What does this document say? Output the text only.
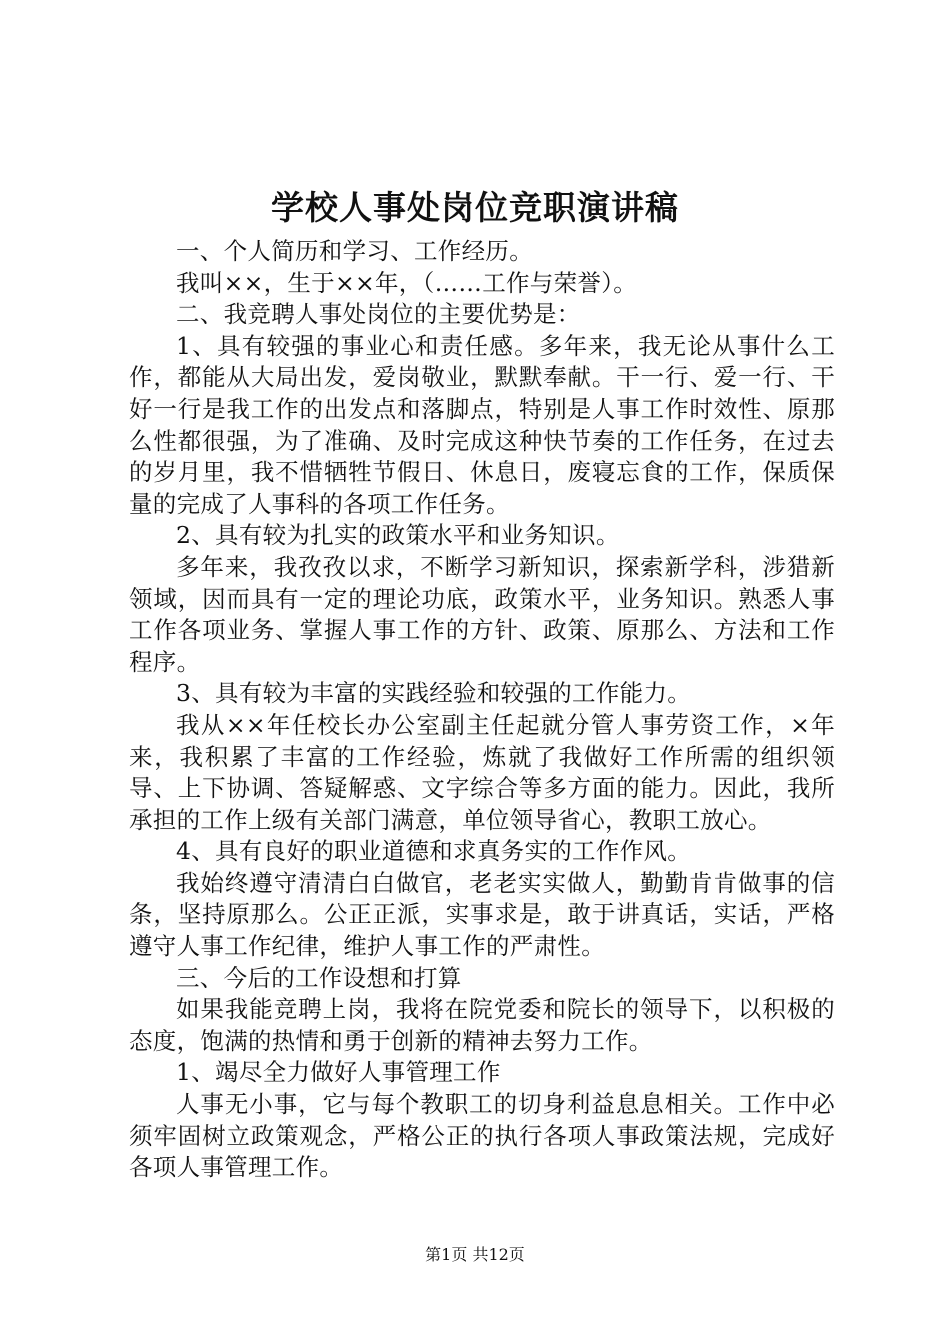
学校人事处岗位竞职演讲稿

一、个人简历和学习、工作经历。

我叫××，生于××年，（……工作与荣誉）。

二、我竞聘人事处岗位的主要优势是：

1、具有较强的事业心和责任感。多年来，我无论从事什么工作，都能从大局出发，爱岗敬业，默默奉献。干一行、爱一行、干好一行是我工作的出发点和落脚点，特别是人事工作时效性、原那么性都很强，为了准确、及时完成这种快节奏的工作任务，在过去的岁月里，我不惜牺牲节假日、休息日，废寝忘食的工作，保质保量的完成了人事科的各项工作任务。

2、具有较为扎实的政策水平和业务知识。

多年来，我孜孜以求，不断学习新知识，探索新学科，涉猎新领域，因而具有一定的理论功底，政策水平，业务知识。熟悉人事工作各项业务、掌握人事工作的方针、政策、原那么、方法和工作程序。

3、具有较为丰富的实践经验和较强的工作能力。

我从××年任校长办公室副主任起就分管人事劳资工作，×年来，我积累了丰富的工作经验，炼就了我做好工作所需的组织领导、上下协调、答疑解惑、文字综合等多方面的能力。因此，我所承担的工作上级有关部门满意，单位领导省心，教职工放心。

4、具有良好的职业道德和求真务实的工作作风。

我始终遵守清清白白做官，老老实实做人，勤勤肯肯做事的信条，坚持原那么。公正正派，实事求是，敢于讲真话，实话，严格遵守人事工作纪律，维护人事工作的严肃性。

三、今后的工作设想和打算

如果我能竞聘上岗，我将在院党委和院长的领导下，以积极的态度，饱满的热情和勇于创新的精神去努力工作。

1、竭尽全力做好人事管理工作

人事无小事，它与每个教职工的切身利益息息相关。工作中必须牢固树立政策观念，严格公正的执行各项人事政策法规，完成好各项人事管理工作。

第1页 共12页
